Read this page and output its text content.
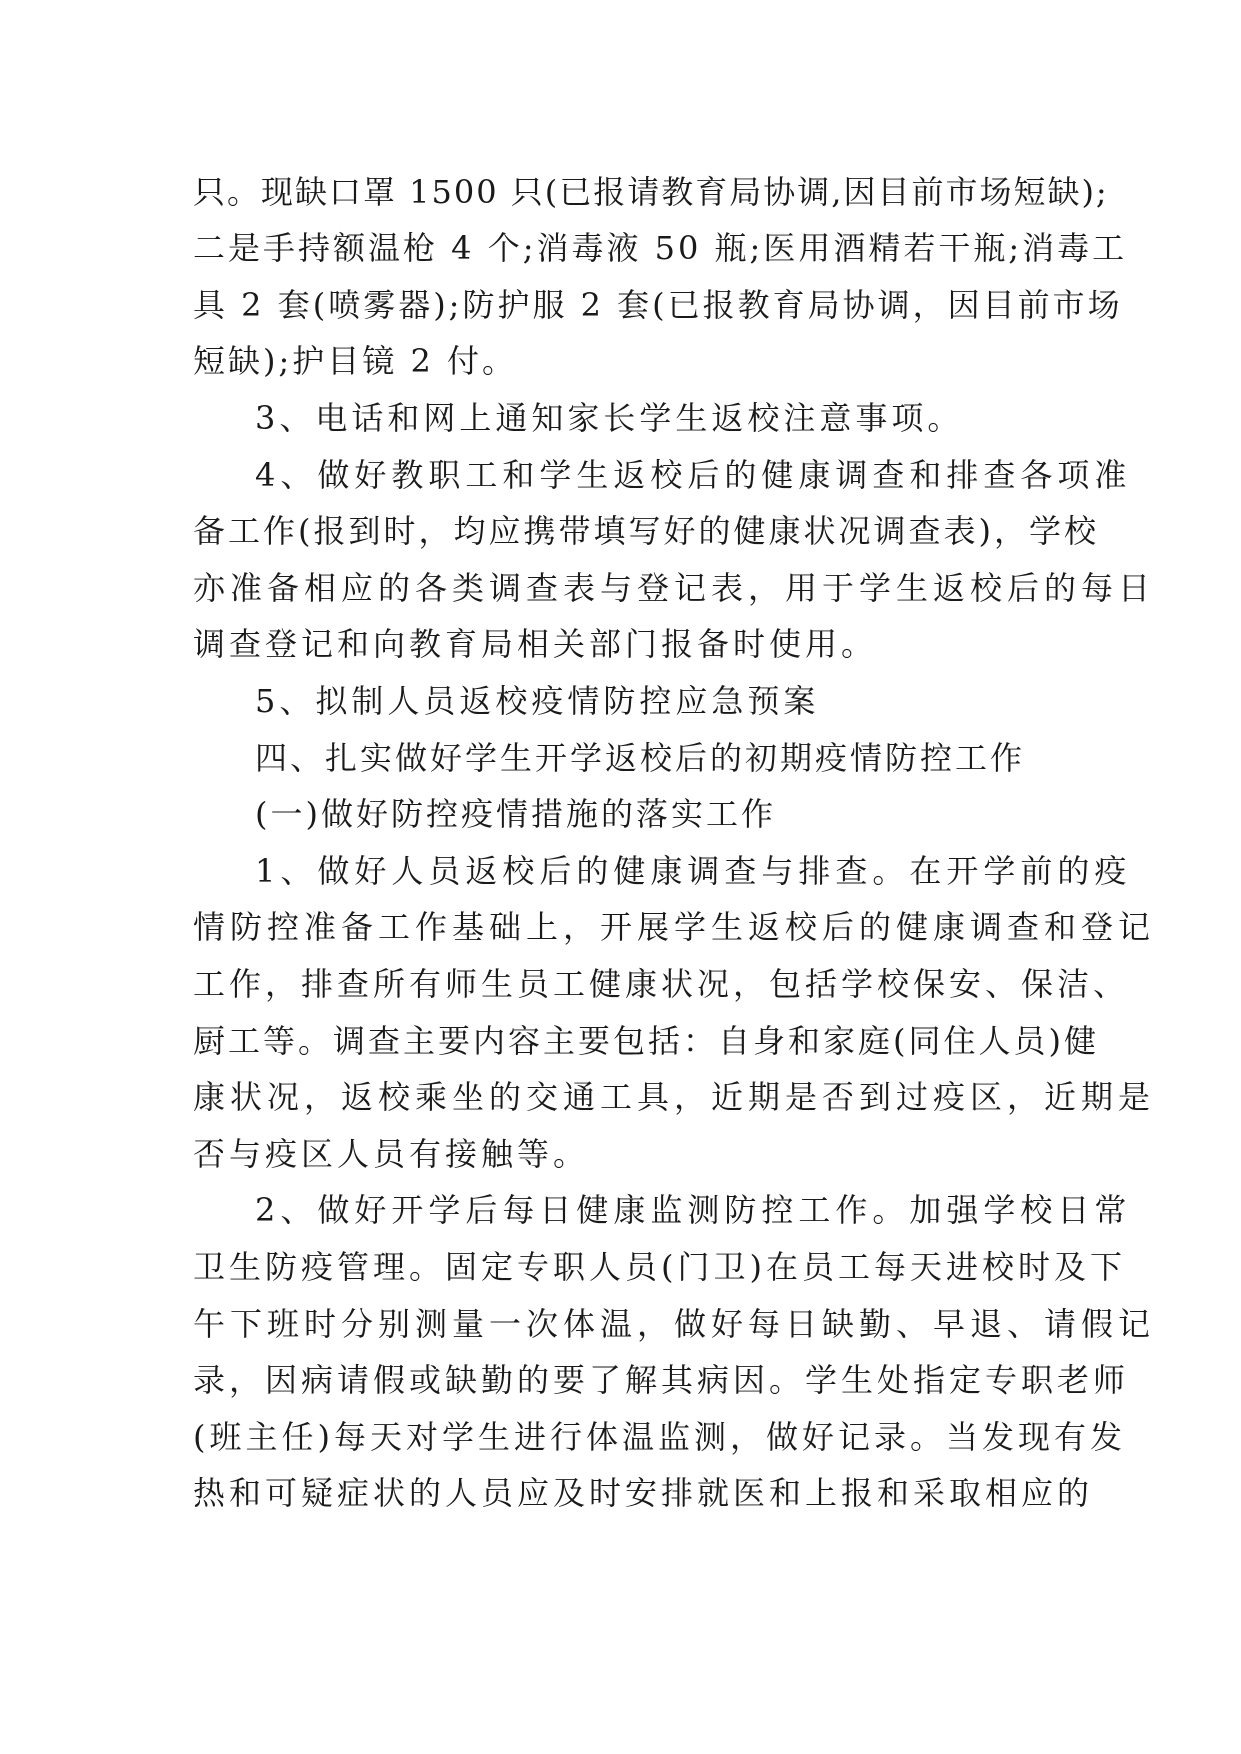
只。现缺口罩 1500 只(已报请教育局协调,因目前市场短缺);
二是手持额温枪 4 个;消毒液 50 瓶;医用酒精若干瓶;消毒工
具 2 套(喷雾器);防护服 2 套(已报教育局协调，因目前市场
短缺);护目镜 2 付。
3、电话和网上通知家长学生返校注意事项。
4、做好教职工和学生返校后的健康调查和排查各项准
备工作(报到时，均应携带填写好的健康状况调查表)，学校
亦准备相应的各类调查表与登记表，用于学生返校后的每日
调查登记和向教育局相关部门报备时使用。
5、拟制人员返校疫情防控应急预案
四、扎实做好学生开学返校后的初期疫情防控工作
(一)做好防控疫情措施的落实工作
1、做好人员返校后的健康调查与排查。在开学前的疫
情防控准备工作基础上，开展学生返校后的健康调查和登记
工作，排查所有师生员工健康状况，包括学校保安、保洁、
厨工等。调查主要内容主要包括：自身和家庭(同住人员)健
康状况，返校乘坐的交通工具，近期是否到过疫区，近期是
否与疫区人员有接触等。
2、做好开学后每日健康监测防控工作。加强学校日常
卫生防疫管理。固定专职人员(门卫)在员工每天进校时及下
午下班时分别测量一次体温，做好每日缺勤、早退、请假记
录，因病请假或缺勤的要了解其病因。学生处指定专职老师
(班主任)每天对学生进行体温监测，做好记录。当发现有发
热和可疑症状的人员应及时安排就医和上报和采取相应的
